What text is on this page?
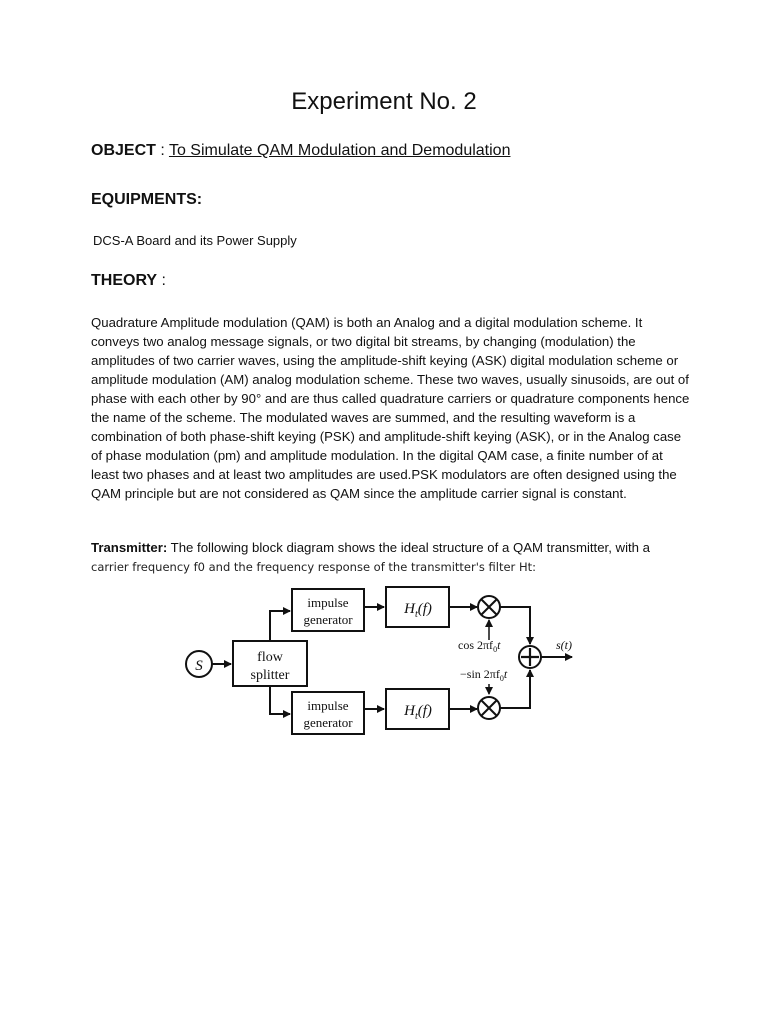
Experiment No. 2
OBJECT : To Simulate QAM Modulation and Demodulation
EQUIPMENTS:
DCS-A Board and its Power Supply
THEORY :

Quadrature Amplitude modulation (QAM) is both an Analog and a digital modulation scheme. It conveys two analog message signals, or two digital bit streams, by changing (modulation) the amplitudes of two carrier waves, using the amplitude-shift keying (ASK) digital modulation scheme or amplitude modulation (AM) analog modulation scheme. These two waves, usually sinusoids, are out of phase with each other by 90° and are thus called quadrature carriers or quadrature components hence the name of the scheme. The modulated waves are summed, and the resulting waveform is a combination of both phase-shift keying (PSK) and amplitude-shift keying (ASK), or in the Analog case of phase modulation (pm) and amplitude modulation. In the digital QAM case, a finite number of at least two phases and at least two amplitudes are used.PSK modulators are often designed using the QAM principle but are not considered as QAM since the amplitude carrier signal is constant.

Transmitter: The following block diagram shows the ideal structure of a QAM transmitter, with a
carrier frequency f0 and the frequency response of the transmitter's filter Ht:

S
flow
splitter
impulse
generator
$H_t(f)$
$\cos 2\pi f_0t$
−sin $2\pi f_0t$
impulse
generator
$H_t(f)$
s(t)
